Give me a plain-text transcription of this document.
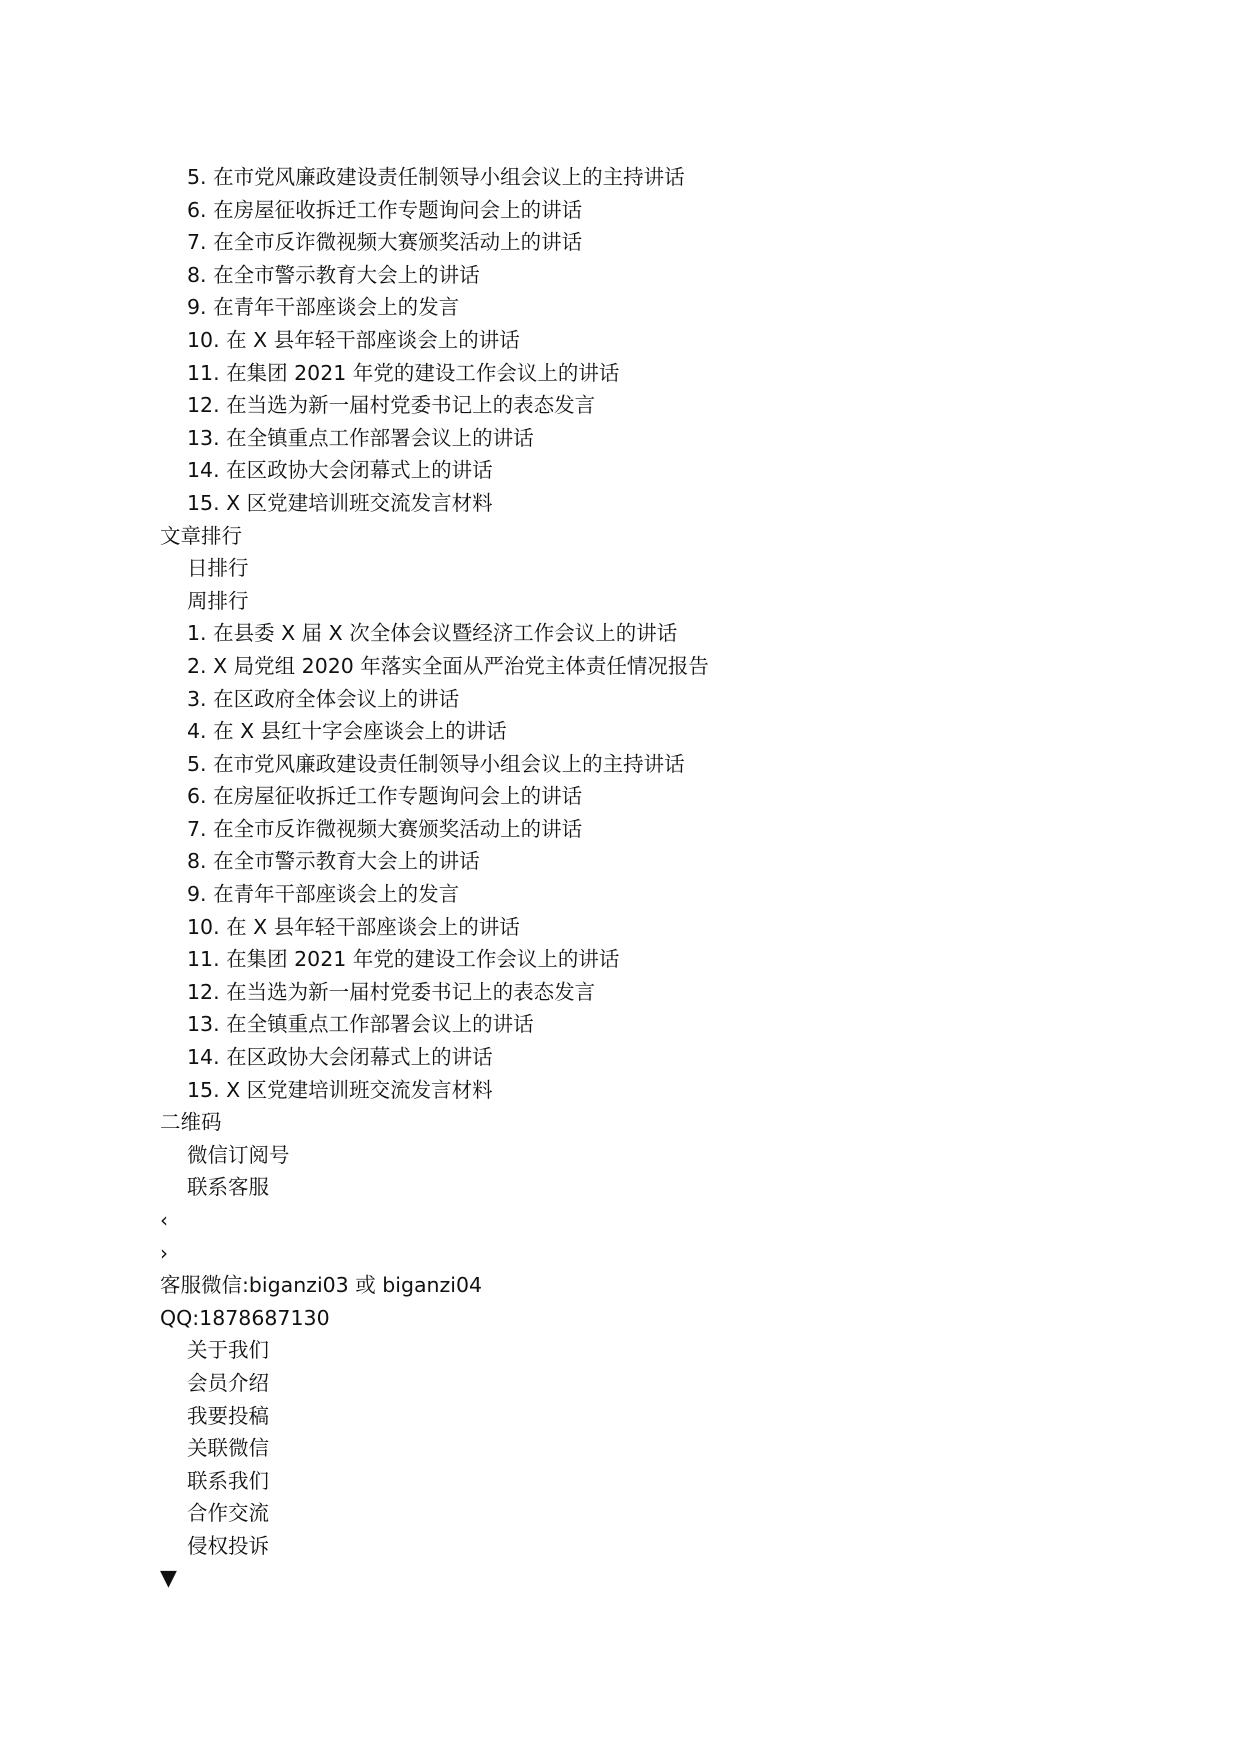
5. 在市党风廉政建设责任制领导小组会议上的主持讲话
6. 在房屋征收拆迁工作专题询问会上的讲话
7. 在全市反诈微视频大赛颁奖活动上的讲话
8. 在全市警示教育大会上的讲话
9. 在青年干部座谈会上的发言
10. 在 X 县年轻干部座谈会上的讲话
11. 在集团 2021 年党的建设工作会议上的讲话
12. 在当选为新一届村党委书记上的表态发言
13. 在全镇重点工作部署会议上的讲话
14. 在区政协大会闭幕式上的讲话
15. X 区党建培训班交流发言材料
文章排行
日排行
周排行
1. 在县委 X 届 X 次全体会议暨经济工作会议上的讲话
2. X 局党组 2020 年落实全面从严治党主体责任情况报告
3. 在区政府全体会议上的讲话
4. 在 X 县红十字会座谈会上的讲话
5. 在市党风廉政建设责任制领导小组会议上的主持讲话
6. 在房屋征收拆迁工作专题询问会上的讲话
7. 在全市反诈微视频大赛颁奖活动上的讲话
8. 在全市警示教育大会上的讲话
9. 在青年干部座谈会上的发言
10. 在 X 县年轻干部座谈会上的讲话
11. 在集团 2021 年党的建设工作会议上的讲话
12. 在当选为新一届村党委书记上的表态发言
13. 在全镇重点工作部署会议上的讲话
14. 在区政协大会闭幕式上的讲话
15. X 区党建培训班交流发言材料
二维码
微信订阅号
联系客服
‹
›
客服微信:biganzi03 或 biganzi04
QQ:1878687130
关于我们
会员介绍
我要投稿
关联微信
联系我们
合作交流
侵权投诉
▼
